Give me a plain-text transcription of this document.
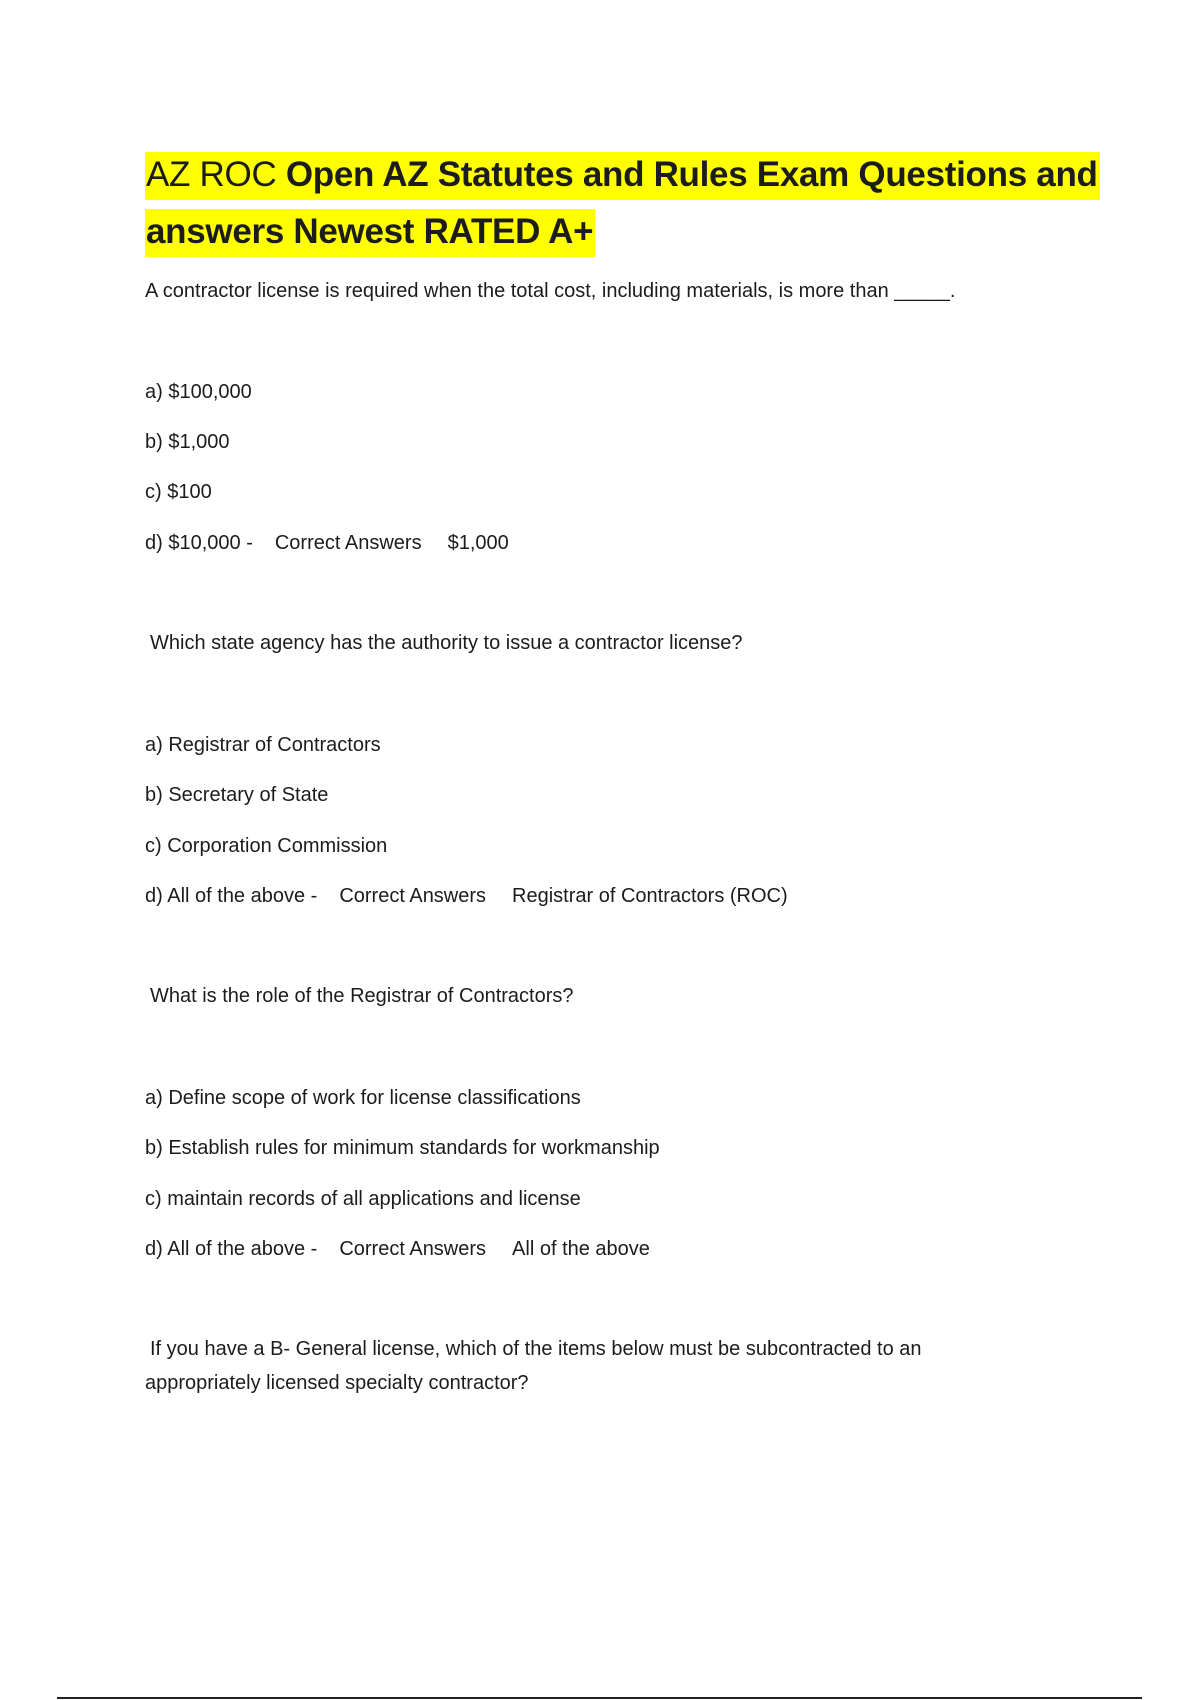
AZ ROC Open AZ Statutes and Rules Exam Questions and answers Newest RATED A+

A contractor license is required when the total cost, including materials, is more than _____.

a) $100,000

b) $1,000

c) $100

d) $10,000 - Correct Answers $1,000

Which state agency has the authority to issue a contractor license?

a) Registrar of Contractors

b) Secretary of State

c) Corporation Commission

d) All of the above - Correct Answers Registrar of Contractors (ROC)

What is the role of the Registrar of Contractors?

a) Define scope of work for license classifications

b) Establish rules for minimum standards for workmanship

c) maintain records of all applications and license

d) All of the above - Correct Answers All of the above

If you have a B- General license, which of the items below must be subcontracted to an appropriately licensed specialty contractor?
